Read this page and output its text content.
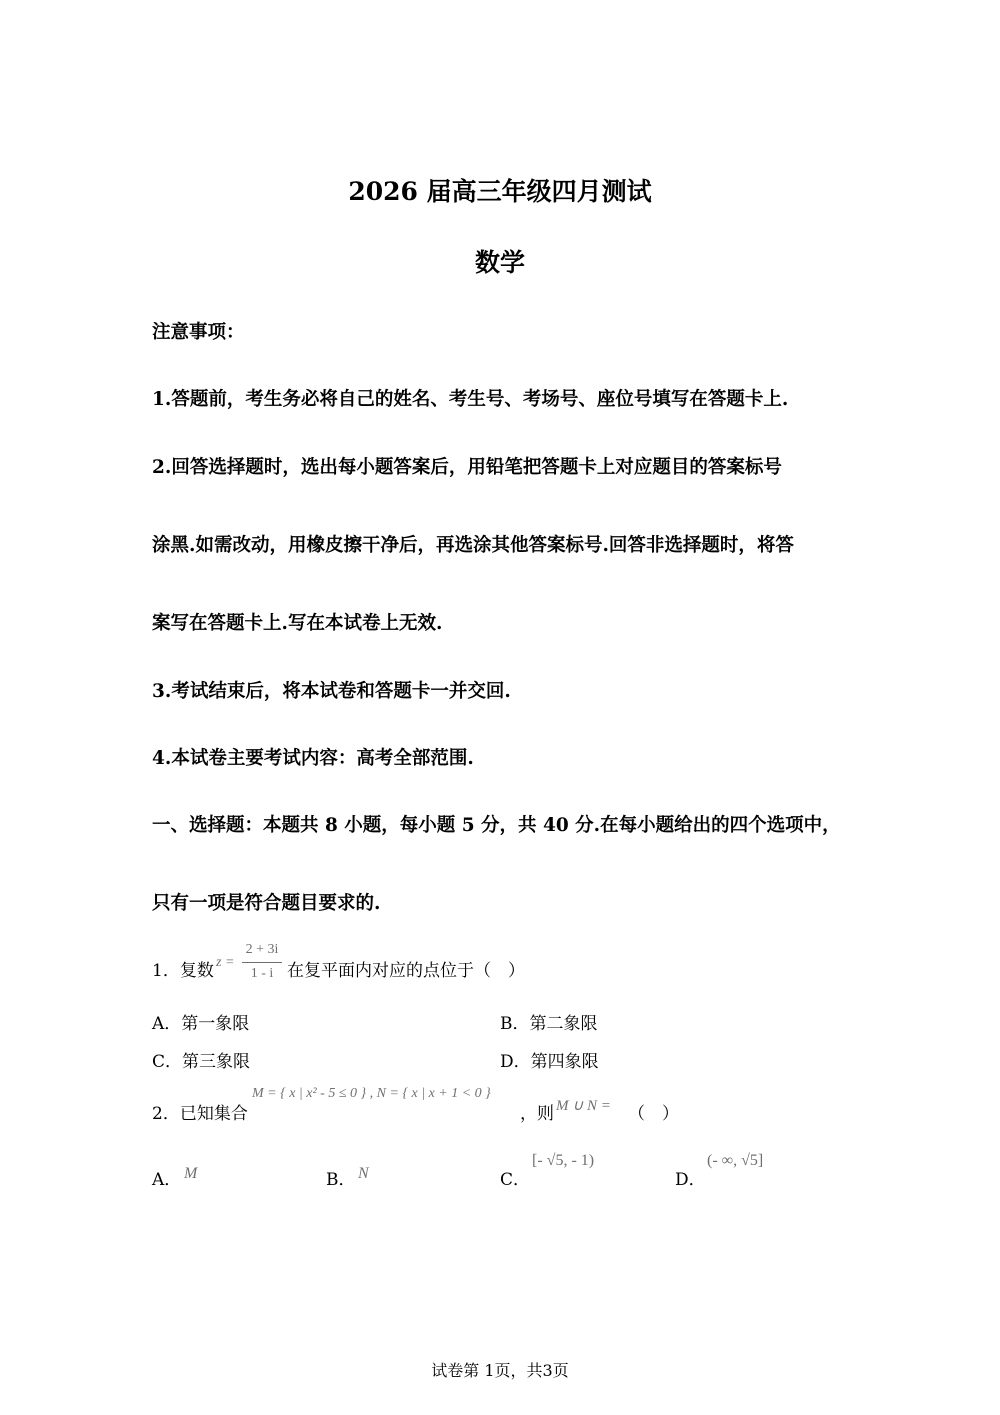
2026 届高三年级四月测试
数学
注意事项：
1.答题前，考生务必将自己的姓名、考生号、考场号、座位号填写在答题卡上.
2.回答选择题时，选出每小题答案后，用铅笔把答题卡上对应题目的答案标号
涂黑.如需改动，用橡皮擦干净后，再选涂其他答案标号.回答非选择题时，将答
案写在答题卡上.写在本试卷上无效.
3.考试结束后，将本试卷和答题卡一并交回.
4.本试卷主要考试内容：高考全部范围.
一、选择题：本题共 8 小题，每小题 5 分，共 40 分.在每小题给出的四个选项中，
只有一项是符合题目要求的.
1．复数 z =
2 + 3i
1 - i 在复平面内对应的点位于（　）
A．第一象限	B．第二象限
C．第三象限	D．第四象限
2．已知集合
M = { x | x² - 5 ≤ 0 } , N = { x | x + 1 < 0 }
，则 M ∪ N = （　）
A． M	B． N	C．
[- √5, - 1)
D．
(- ∞, √5]
试卷第 1页，共3页
